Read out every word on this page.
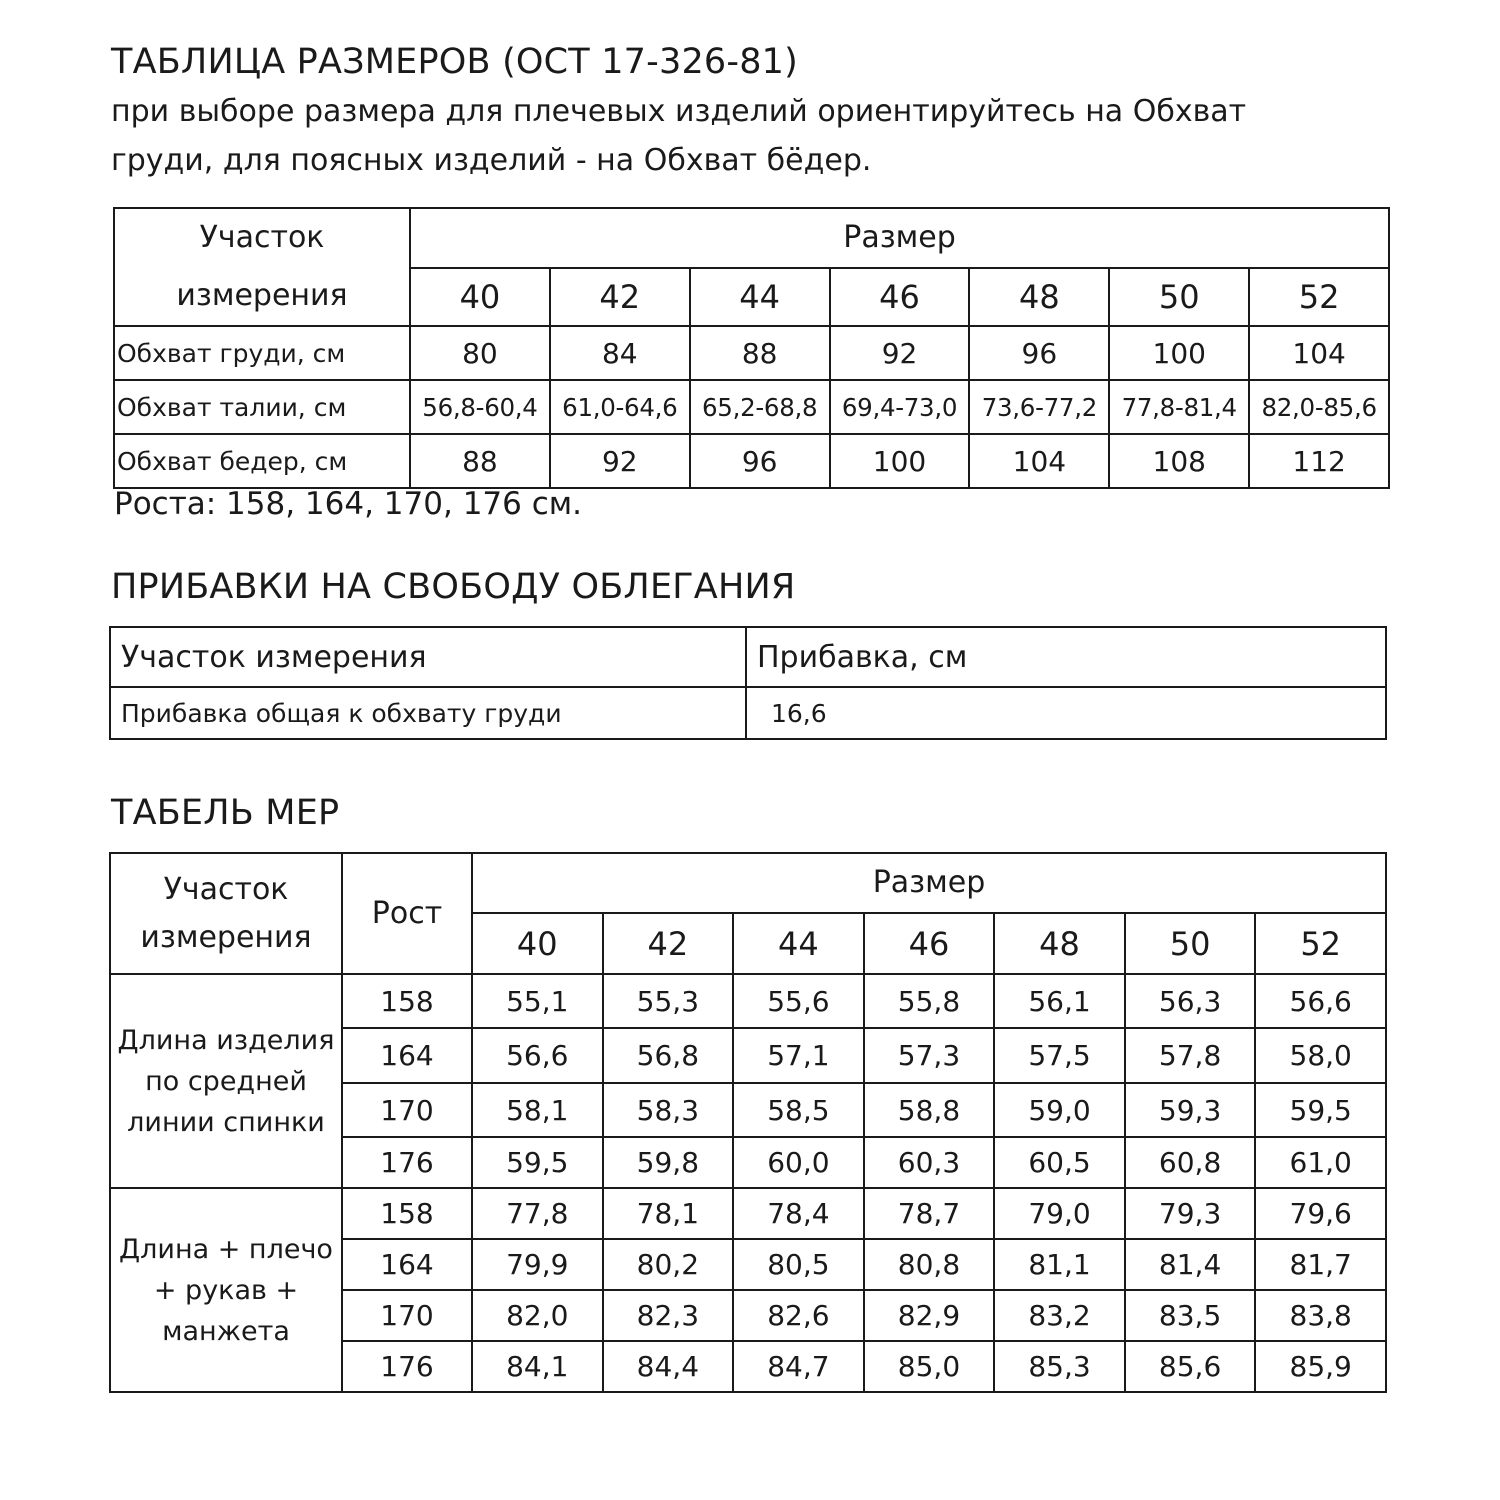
ТАБЛИЦА РАЗМЕРОВ (ОСТ 17-326-81)
при выборе размера для плечевых изделий ориентируйтесь на Обхват
груди, для поясных изделий - на Обхват бёдер.
Участок
измерения	Размер						
	40	42	44	46	48	50	52
Обхват груди, см	80	84	88	92	96	100	104
Обхват талии, см	56,8-60,4	61,0-64,6	65,2-68,8	69,4-73,0	73,6-77,2	77,8-81,4	82,0-85,6
Обхват бедер, см	88	92	96	100	104	108	112
Роста: 158, 164, 170, 176 см.
ПРИБАВКИ НА СВОБОДУ ОБЛЕГАНИЯ
Участок измерения	Прибавка, см
Прибавка общая к обхвату груди	16,6
ТАБЕЛЬ МЕР
Участок
измерения	Рост	Размер						
		40	42	44	46	48	50	52

Длина изделия
по средней
линии спинки	158	55,1	55,3	55,6	55,8	56,1	56,3	56,6
	164	56,6	56,8	57,1	57,3	57,5	57,8	58,0
	170	58,1	58,3	58,5	58,8	59,0	59,3	59,5
	176	59,5	59,8	60,0	60,3	60,5	60,8	61,0

Длина + плечо
+ рукав +
манжета	158	77,8	78,1	78,4	78,7	79,0	79,3	79,6
	164	79,9	80,2	80,5	80,8	81,1	81,4	81,7
	170	82,0	82,3	82,6	82,9	83,2	83,5	83,8
	176	84,1	84,4	84,7	85,0	85,3	85,6	85,9
